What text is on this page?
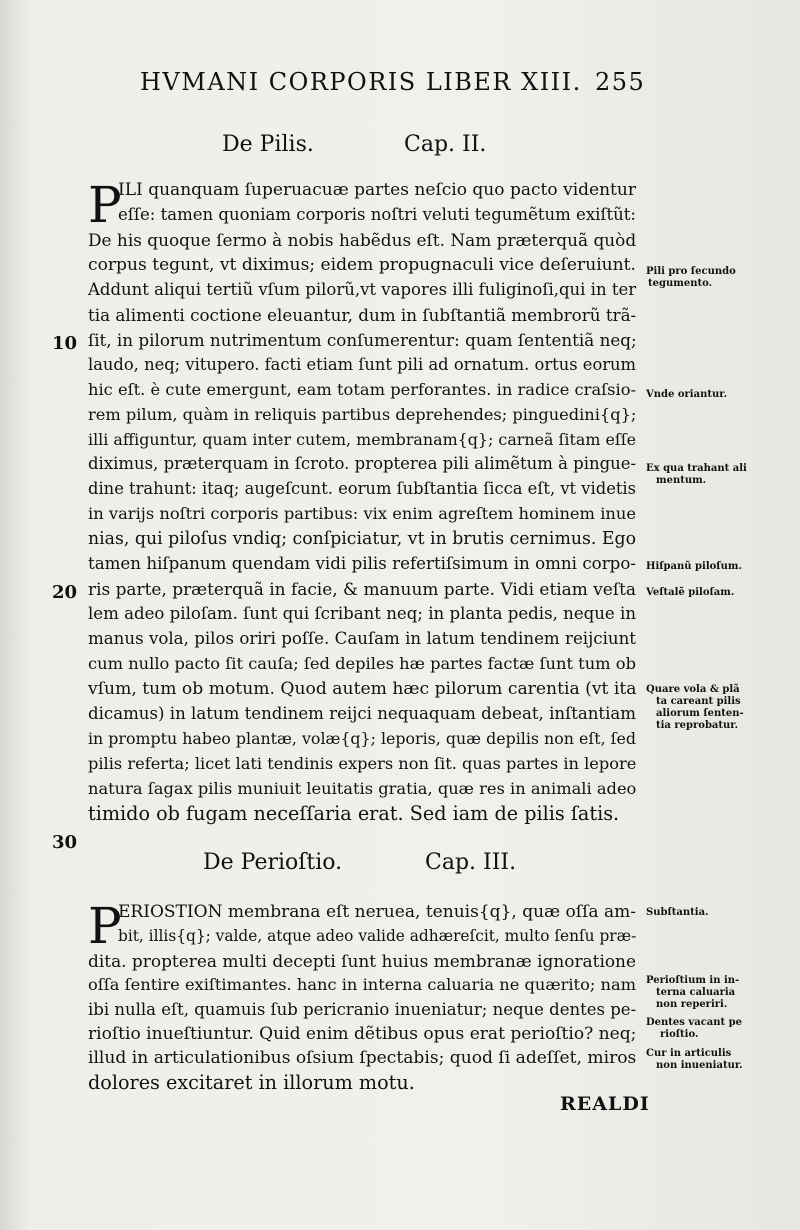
HVMANI CORPORIS LIBER XIII. 255
De Pilis.	Cap. II.
P
ILI quanquam ſuperuacuæ partes neſcio quo pacto videntur
eſſe: tamen quoniam corporis noſtri veluti tegumẽtum exiſtũt:
De his quoque ſermo à nobis habẽdus eſt. Nam præterquã quòd
corpus tegunt, vt diximus; eidem propugnaculi vice deſeruiunt.
Addunt aliqui tertiũ vſum pilorũ,vt vapores illi fuliginoſi,qui in ter
tia alimenti coctione eleuantur, dum in ſubſtantiã membrorũ trã-
ſit, in pilorum nutrimentum conſumerentur: quam ſententiã neq;
laudo, neq; vitupero. facti etiam ſunt pili ad ornatum. ortus eorum
hic eſt. è cute emergunt, eam totam perforantes. in radice craſsio-
rem pilum, quàm in reliquis partibus deprehendes; pinguedini{q};
illi affiguntur, quam inter cutem, membranam{q}; carneã ſitam eſſe
diximus, præterquam in ſcroto. propterea pili alimẽtum à pingue-
dine trahunt: itaq; augeſcunt. eorum ſubſtantia ſicca eſt, vt videtis
in varijs noſtri corporis partibus: vix enim agreſtem hominem inue
nias, qui piloſus vndiq; conſpiciatur, vt in brutis cernimus. Ego
tamen hiſpanum quendam vidi pilis refertiſsimum in omni corpo-
ris parte, præterquã in facie, & manuum parte. Vidi etiam veſta
lem adeo piloſam. ſunt qui ſcribant neq; in planta pedis, neque in
manus vola, pilos oriri poſſe. Cauſam in latum tendinem reijciunt
cum nullo pacto ſit cauſa; ſed depiles hæ partes factæ ſunt tum ob
vſum, tum ob motum. Quod autem hæc pilorum carentia (vt ita
dicamus) in latum tendinem reijci nequaquam debeat, inſtantiam
in promptu habeo plantæ, volæ{q}; leporis, quæ depilis non eſt, ſed
pilis referta; licet lati tendinis expers non ſit. quas partes in lepore
natura ſagax pilis muniuit leuitatis gratia, quæ res in animali adeo
timido ob fugam neceſſaria erat. Sed iam de pilis ſatis.
De Perioſtio.	Cap. III.
P
ERIOSTION membrana eſt neruea, tenuis{q}, quæ oſſa am-
bit, illis{q}; valde, atque adeo valide adhæreſcit, multo ſenſu præ-
dita. propterea multi decepti ſunt huius membranæ ignoratione
oſſa ſentire exiſtimantes. hanc in interna caluaria ne quærito; nam
ibi nulla eſt, quamuis ſub pericranio inueniatur; neque dentes pe-
rioſtio inueſtiuntur. Quid enim dẽtibus opus erat perioſtio? neq;
illud in articulationibus oſsium ſpectabis; quod ſi adeſſet, miros
dolores excitaret in illorum motu.
10
20
30
Pili pro ſecundo
tegumento.
Vnde oriantur.
Ex qua trahant ali
mentum.
Hiſpanũ piloſum.
Veſtalẽ piloſam.
Quare vola & plã
ta careant pilis
aliorum ſenten-
tia reprobatur.
Subſtantia.
Perioſtium in in-
terna caluaria
non reperiri.
Dentes vacant pe
rioſtio.
Cur in articulis
non inueniatur.
REALDI
